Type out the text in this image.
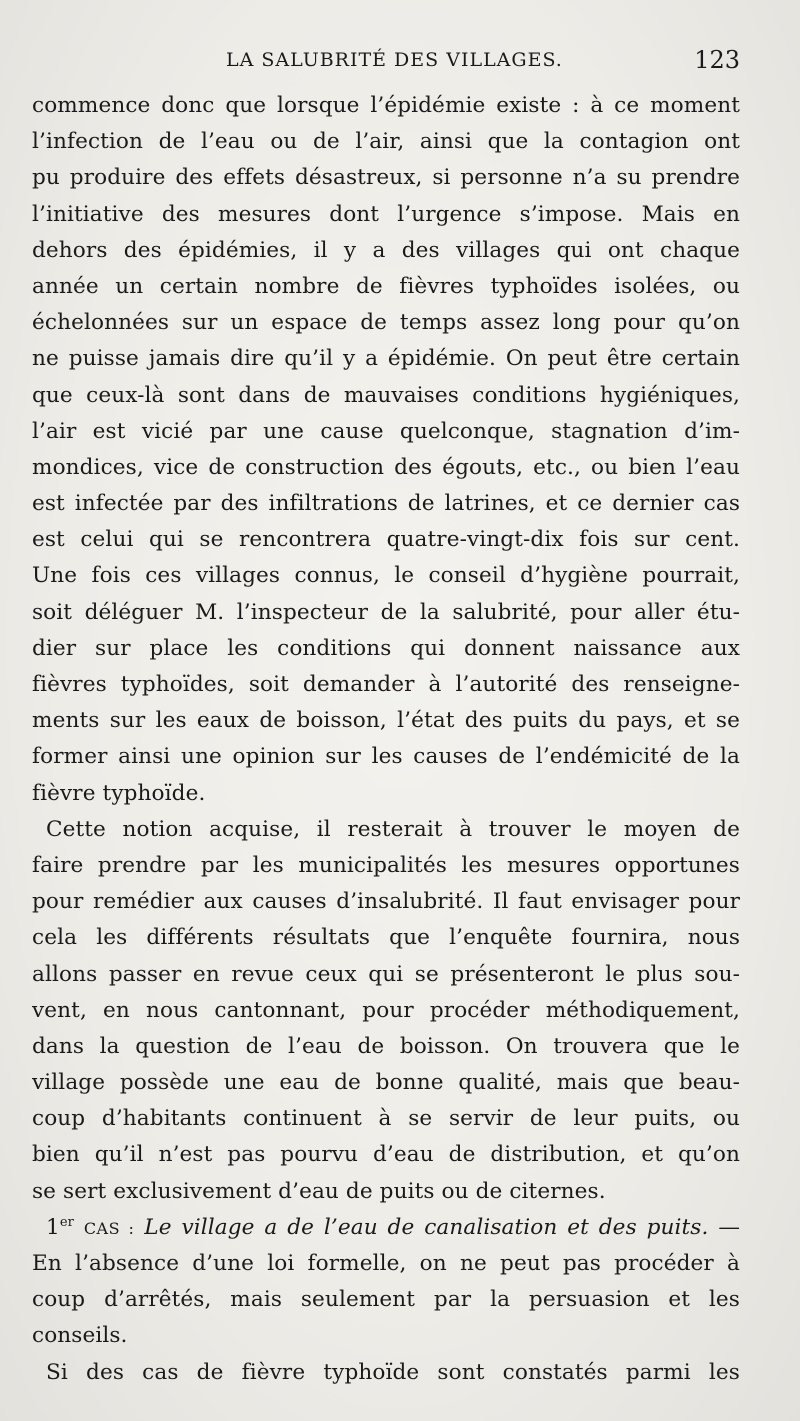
LA SALUBRITÉ DES VILLAGES.	123
commence donc que lorsque l’épidémie existe : à ce moment
l’infection de l’eau ou de l’air, ainsi que la contagion ont
pu produire des effets désastreux, si personne n’a su prendre
l’initiative des mesures dont l’urgence s’impose. Mais en
dehors des épidémies, il y a des villages qui ont chaque
année un certain nombre de fièvres typhoïdes isolées, ou
échelonnées sur un espace de temps assez long pour qu’on
ne puisse jamais dire qu’il y a épidémie. On peut être certain
que ceux-là sont dans de mauvaises conditions hygiéniques,
l’air est vicié par une cause quelconque, stagnation d’im-
mondices, vice de construction des égouts, etc., ou bien l’eau
est infectée par des infiltrations de latrines, et ce dernier cas
est celui qui se rencontrera quatre-vingt-dix fois sur cent.
Une fois ces villages connus, le conseil d’hygiène pourrait,
soit déléguer M. l’inspecteur de la salubrité, pour aller étu-
dier sur place les conditions qui donnent naissance aux
fièvres typhoïdes, soit demander à l’autorité des renseigne-
ments sur les eaux de boisson, l’état des puits du pays, et se
former ainsi une opinion sur les causes de l’endémicité de la
fièvre typhoïde.
Cette notion acquise, il resterait à trouver le moyen de
faire prendre par les municipalités les mesures opportunes
pour remédier aux causes d’insalubrité. Il faut envisager pour
cela les différents résultats que l’enquête fournira, nous
allons passer en revue ceux qui se présenteront le plus sou-
vent, en nous cantonnant, pour procéder méthodiquement,
dans la question de l’eau de boisson. On trouvera que le
village possède une eau de bonne qualité, mais que beau-
coup d’habitants continuent à se servir de leur puits, ou
bien qu’il n’est pas pourvu d’eau de distribution, et qu’on
se sert exclusivement d’eau de puits ou de citernes.
1er CAS : Le village a de l’eau de canalisation et des puits. —
En l’absence d’une loi formelle, on ne peut pas procéder à
coup d’arrêtés, mais seulement par la persuasion et les
conseils.
Si des cas de fièvre typhoïde sont constatés parmi les
